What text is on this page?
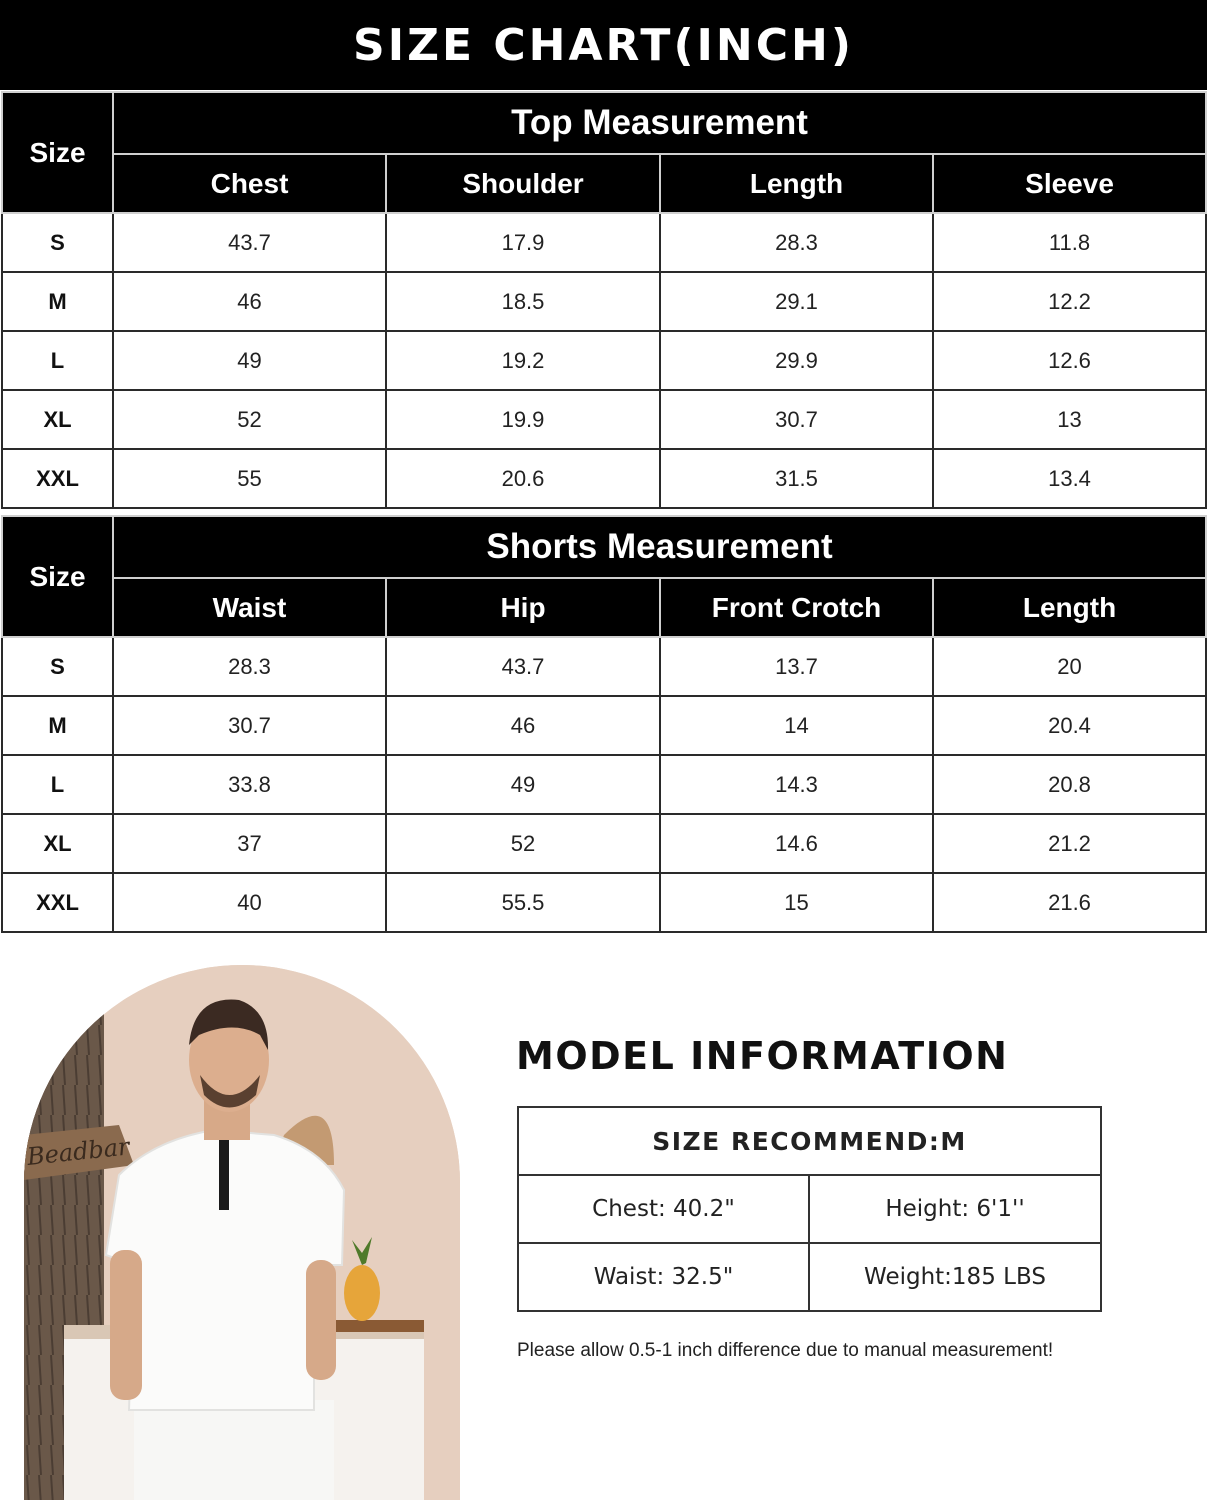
SIZE CHART(INCH)
Size	Top Measurement			
	Chest	Shoulder	Length	Sleeve
S	43.7	17.9	28.3	11.8
M	46	18.5	29.1	12.2
L	49	19.2	29.9	12.6
XL	52	19.9	30.7	13
XXL	55	20.6	31.5	13.4
Size	Shorts Measurement			
	Waist	Hip	Front Crotch	Length
S	28.3	43.7	13.7	20
M	30.7	46	14	20.4
L	33.8	49	14.3	20.8
XL	37	52	14.6	21.2
XXL	40	55.5	15	21.6
Beadbar
MODEL INFORMATION
SIZE RECOMMEND:M	
Chest: 40.2"	Height: 6'1''
Waist: 32.5"	Weight:185 LBS
Please allow 0.5-1 inch difference due to manual measurement!
